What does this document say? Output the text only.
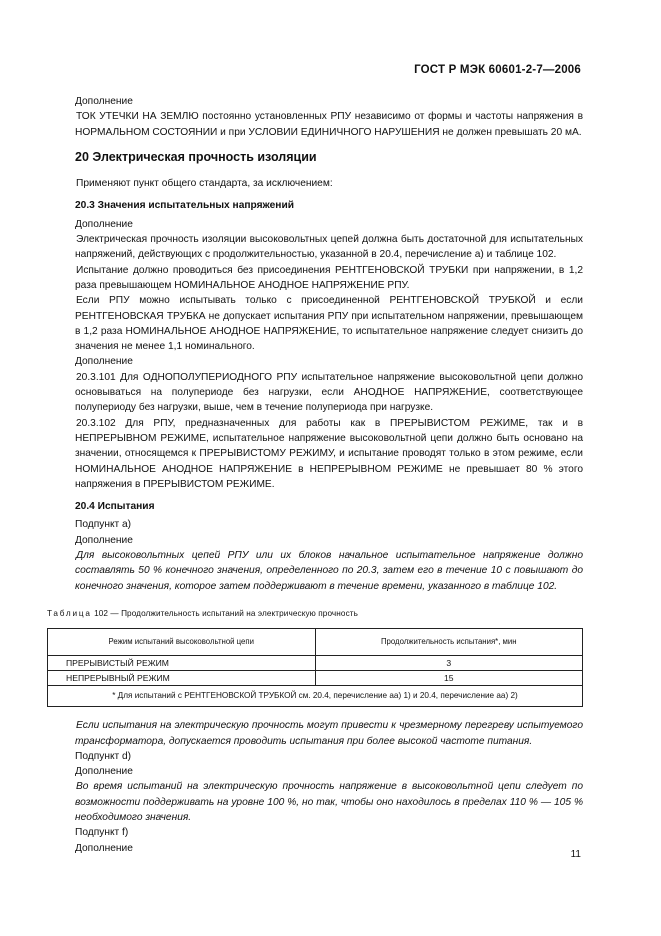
ГОСТ Р МЭК 60601-2-7—2006

Дополнение

ТОК УТЕЧКИ НА ЗЕМЛЮ постоянно установленных РПУ независимо от формы и частоты напряжения в НОРМАЛЬНОМ СОСТОЯНИИ и при УСЛОВИИ ЕДИНИЧНОГО НАРУШЕНИЯ не должен превышать 20 мА.

20 Электрическая прочность изоляции

Применяют пункт общего стандарта, за исключением:

20.3 Значения испытательных напряжений

Дополнение

Электрическая прочность изоляции высоковольтных цепей должна быть достаточной для испытательных напряжений, действующих с продолжительностью, указанной в 20.4, перечисление а) и таблице 102.

Испытание должно проводиться без присоединения РЕНТГЕНОВСКОЙ ТРУБКИ при напряжении, в 1,2 раза превышающем НОМИНАЛЬНОЕ АНОДНОЕ НАПРЯЖЕНИЕ РПУ.

Если РПУ можно испытывать только с присоединенной РЕНТГЕНОВСКОЙ ТРУБКОЙ и если РЕНТГЕНОВСКАЯ ТРУБКА не допускает испытания РПУ при испытательном напряжении, превышающем в 1,2 раза НОМИНАЛЬНОЕ АНОДНОЕ НАПРЯЖЕНИЕ, то испытательное напряжение следует снизить до значения не менее 1,1 номинального.

Дополнение

20.3.101 Для ОДНОПОЛУПЕРИОДНОГО РПУ испытательное напряжение высоковольтной цепи должно основываться на полупериоде без нагрузки, если АНОДНОЕ НАПРЯЖЕНИЕ, соответствующее полупериоду без нагрузки, выше, чем в течение полупериода при нагрузке.

20.3.102 Для РПУ, предназначенных для работы как в ПРЕРЫВИСТОМ РЕЖИМЕ, так и в НЕПРЕРЫВНОМ РЕЖИМЕ, испытательное напряжение высоковольтной цепи должно быть основано на значении, относящемся к ПРЕРЫВИСТОМУ РЕЖИМУ, и испытание проводят только в этом режиме, если НОМИНАЛЬНОЕ АНОДНОЕ НАПРЯЖЕНИЕ в НЕПРЕРЫВНОМ РЕЖИМЕ не превышает 80 % этого напряжения в ПРЕРЫВИСТОМ РЕЖИМЕ.

20.4 Испытания

Подпункт а)

Дополнение

Для высоковольтных цепей РПУ или их блоков начальное испытательное напряжение должно составлять 50 % конечного значения, определенного по 20.3, затем его в течение 10 с повышают до конечного значения, которое затем поддерживают в течение времени, указанного в таблице 102.

Таблица 102 — Продолжительность испытаний на электрическую прочность
Режим испытаний высоковольтной цепи	Продолжительность испытания*, мин
ПРЕРЫВИСТЫЙ РЕЖИМ	3
НЕПРЕРЫВНЫЙ РЕЖИМ	15
* Для испытаний с РЕНТГЕНОВСКОЙ ТРУБКОЙ см. 20.4, перечисление аа) 1) и 20.4, перечисление аа) 2)	

Если испытания на электрическую прочность могут привести к чрезмерному перегреву испытуемого трансформатора, допускается проводить испытания при более высокой частоте питания.

Подпункт d)

Дополнение

Во время испытаний на электрическую прочность напряжение в высоковольтной цепи следует по возможности поддерживать на уровне 100 %, но так, чтобы оно находилось в пределах 110 % — 105 % необходимого значения.

Подпункт f)

Дополнение

11
